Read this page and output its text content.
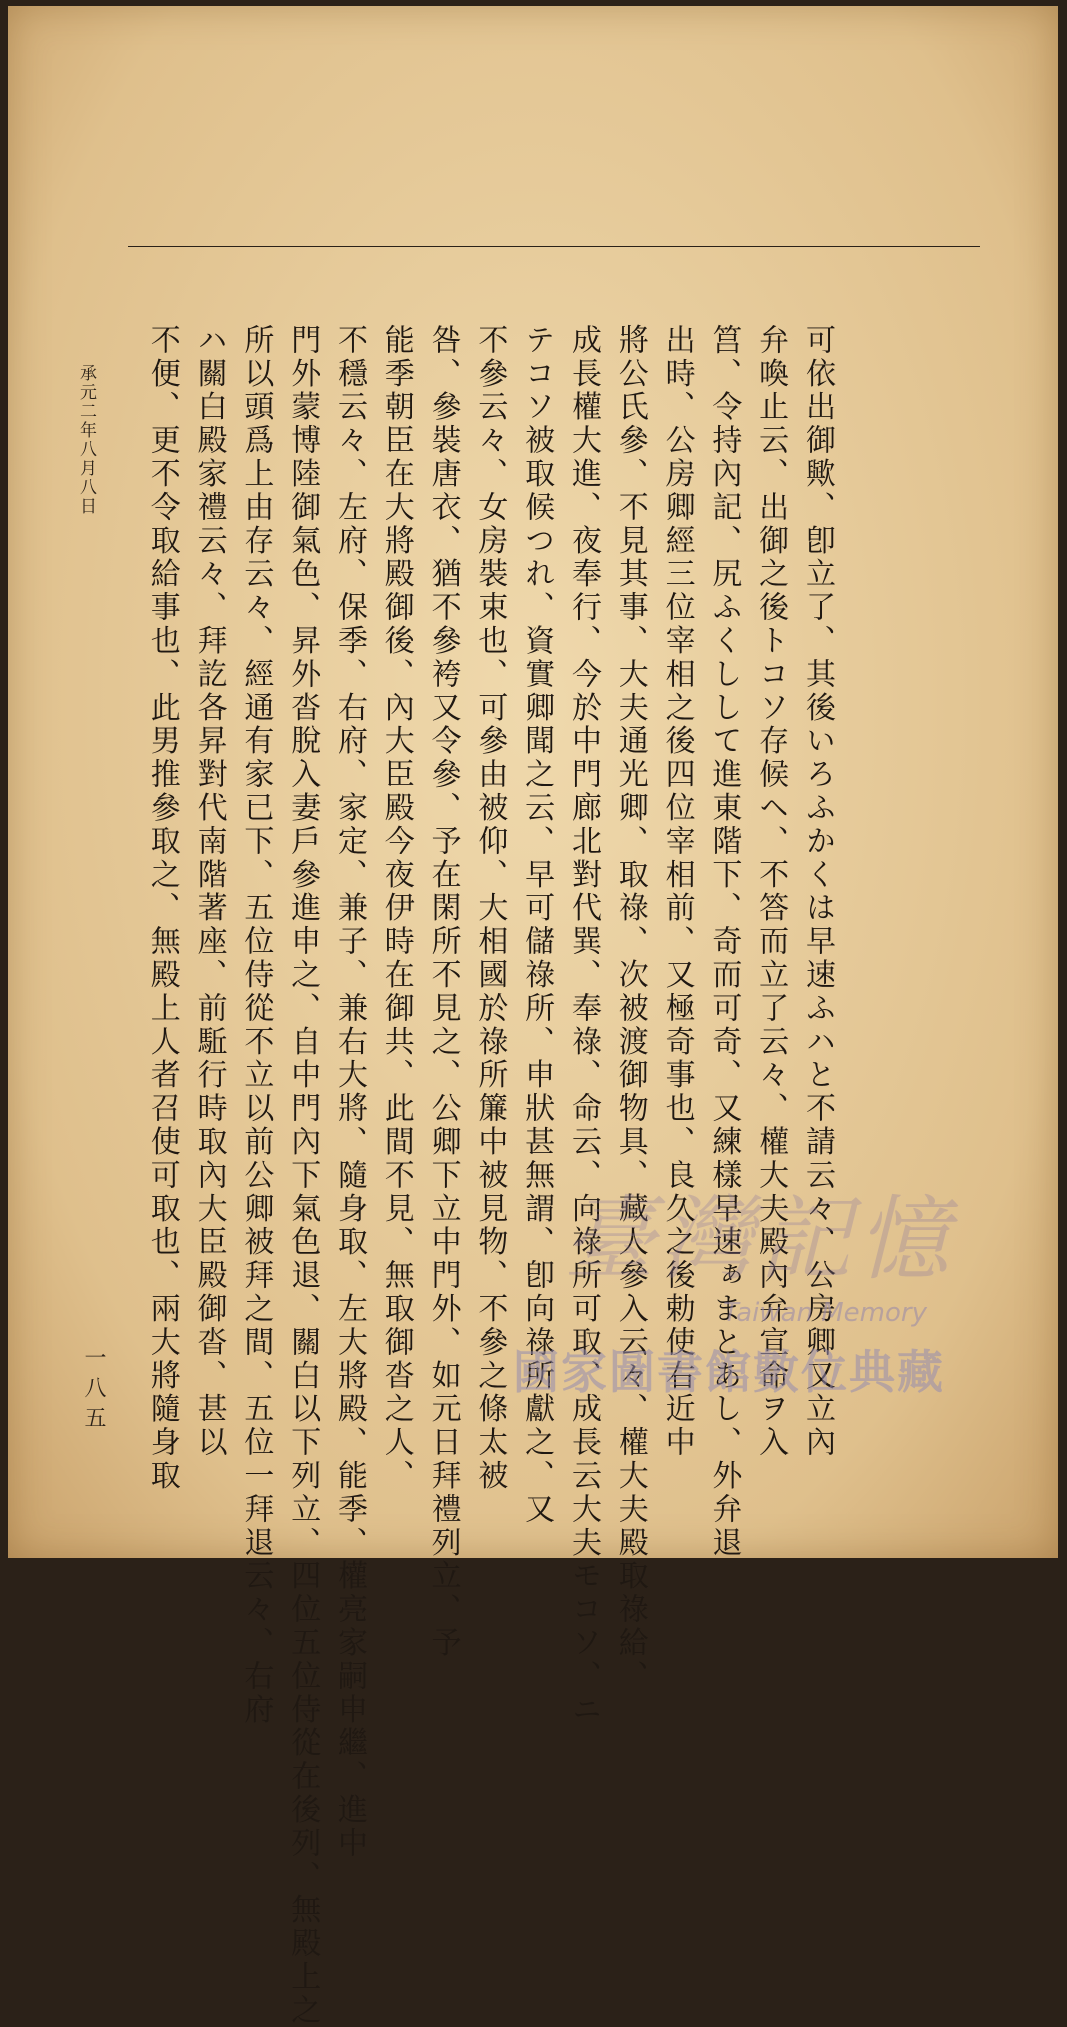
可依出御歟、卽立了、其後いろふかくは早速ふハと不請云々、公房卿又立內
弁喚止云、出御之後トコソ存候ヘ、不答而立了云々、權大夫殿內弁宣命ヲ入
筥、令持內記、尻ふくしして進東階下、奇而可奇、又練樣早速ぁまとあし、外弁退
出時、公房卿經三位宰相之後四位宰相前、又極奇事也、良久之後勅使右近中
將公氏參、不見其事、大夫通光卿、取祿、次被渡御物具、藏人參入云々、權大夫殿取祿給、
成長權大進、夜奉行、今於中門廊北對代巽、奉祿、命云、向祿所可取、成長云大夫モコソ、ニ
テコソ被取候つれ、資實卿聞之云、早可儲祿所、申狀甚無謂、卽向祿所獻之、又
不參云々、女房裝束也、可參由被仰、大相國於祿所簾中被見物、不參之條太被
咎、參裝唐衣、猶不參袴又令參、予在閑所不見之、公卿下立中門外、如元日拜禮列立、予
能季朝臣在大將殿御後、內大臣殿今夜伊時在御共、此間不見、無取御沓之人、
不穩云々、左府、保季、右府、家定、兼子、兼右大將、隨身取、左大將殿、能季、權亮家嗣申繼、進中
門外蒙博陸御氣色、昇外沓脫入妻戶參進申之、自中門內下氣色退、關白以下列立、四位五位侍從在後列、無殿上之
所以頭爲上由存云々、經通有家已下、五位侍從不立以前公卿被拜之間、五位一拜退云々、右府
ハ關白殿家禮云々、拜訖各昇對代南階著座、前駈行時取內大臣殿御沓、甚以
不便、更不令取給事也、此男推參取之、無殿上人者召使可取也、兩大將隨身取
承元二年八月八日
一八五
臺灣記憶
Taiwan Memory
國家圖書館數位典藏
